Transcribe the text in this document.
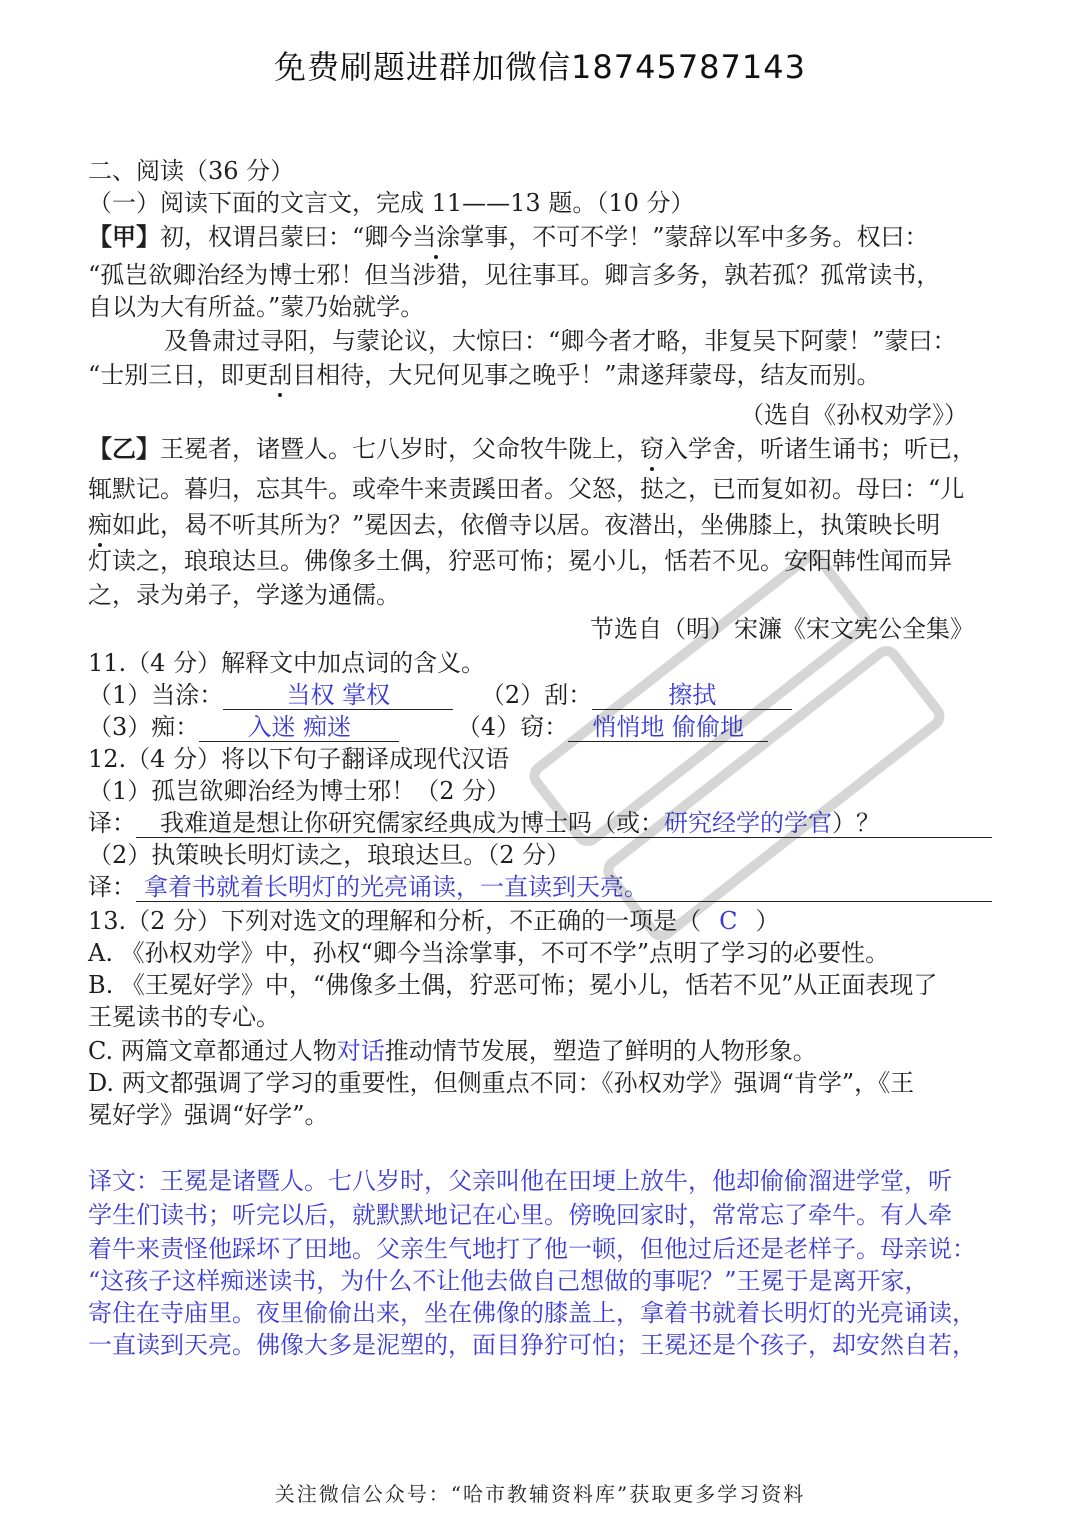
免费刷题进群加微信18745787143
二、阅读（36 分）
（一）阅读下面的文言文，完成 11——13 题。（10 分）
【甲】初，权谓吕蒙曰：“卿今当涂掌事，不可不学！”蒙辞以军中多务。权曰：
“孤岂欲卿治经为博士邪！但当涉猎，见往事耳。卿言多务，孰若孤？孤常读书，
自以为大有所益。”蒙乃始就学。
及鲁肃过寻阳，与蒙论议，大惊曰：“卿今者才略，非复吴下阿蒙！”蒙曰：
“士别三日，即更刮目相待，大兄何见事之晚乎！”肃遂拜蒙母，结友而别。
（选自《孙权劝学》）
【乙】王冕者，诸暨人。七八岁时，父命牧牛陇上，窃入学舍，听诸生诵书；听已，
辄默记。暮归，忘其牛。或牵牛来责蹊田者。父怒，挞之，已而复如初。母曰：“儿
痴如此，曷不听其所为？”冕因去，依僧寺以居。夜潜出，坐佛膝上，执策映长明
灯读之，琅琅达旦。佛像多土偶，狞恶可怖；冕小儿，恬若不见。安阳韩性闻而异
之，录为弟子，学遂为通儒。
节选自（明）宋濂《宋文宪公全集》
11.（4 分）解释文中加点词的含义。
（1）当涂：	当权 掌权	（2）刮：	擦拭
（3）痴： 入迷 痴迷	（4）窃： 悄悄地 偷偷地
12.（4 分）将以下句子翻译成现代汉语
（1）孤岂欲卿治经为博士邪！（2 分）
译： 我难道是想让你研究儒家经典成为博士吗（或：研究经学的学官）？
（2）执策映长明灯读之，琅琅达旦。（2 分）
译： 拿着书就着长明灯的光亮诵读，一直读到天亮。
13.（2 分）下列对选文的理解和分析，不正确的一项是（ C ）
A. 《孙权劝学》中，孙权“卿今当涂掌事，不可不学”点明了学习的必要性。
B. 《王冕好学》中，“佛像多土偶，狞恶可怖；冕小儿，恬若不见”从正面表现了
王冕读书的专心。
C. 两篇文章都通过人物对话推动情节发展，塑造了鲜明的人物形象。
D. 两文都强调了学习的重要性，但侧重点不同：《孙权劝学》强调“肯学”，《王
冕好学》强调“好学”。
译文：王冕是诸暨人。七八岁时，父亲叫他在田埂上放牛，他却偷偷溜进学堂，听
学生们读书；听完以后，就默默地记在心里。傍晚回家时，常常忘了牵牛。有人牵
着牛来责怪他踩坏了田地。父亲生气地打了他一顿，但他过后还是老样子。母亲说：
“这孩子这样痴迷读书，为什么不让他去做自己想做的事呢？”王冕于是离开家，
寄住在寺庙里。夜里偷偷出来，坐在佛像的膝盖上，拿着书就着长明灯的光亮诵读，
一直读到天亮。佛像大多是泥塑的，面目狰狞可怕；王冕还是个孩子，却安然自若，
关注微信公众号：“哈市教辅资料库”获取更多学习资料
